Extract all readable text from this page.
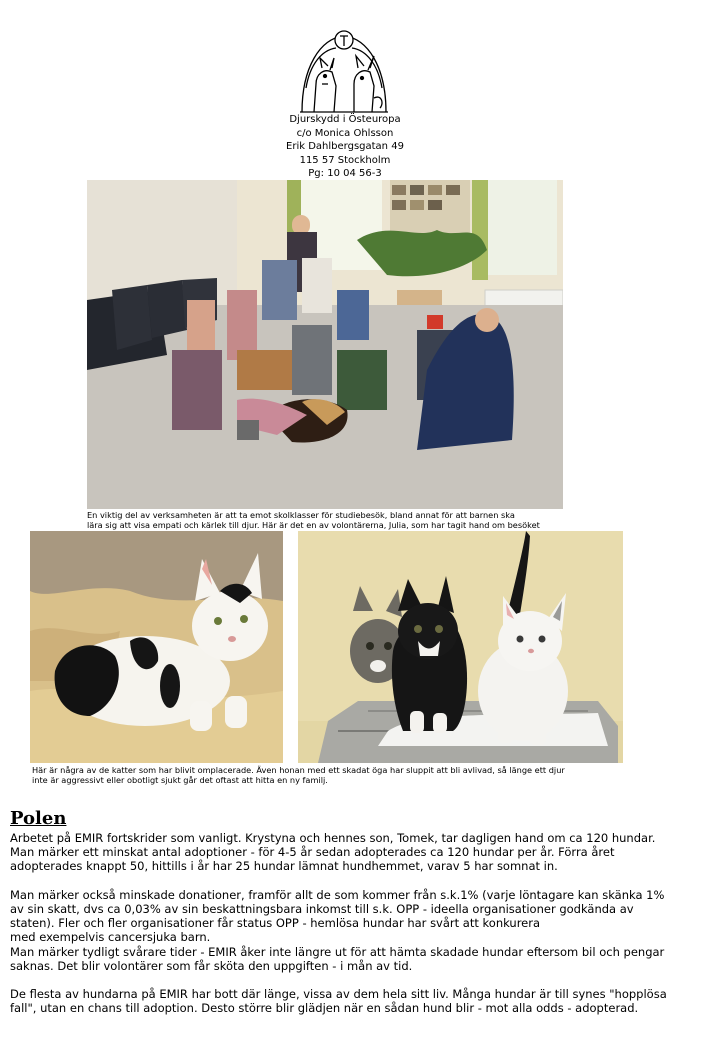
Djurskydd i Östeuropa
c/o Monica Ohlsson
Erik Dahlbergsgatan 49
115 57 Stockholm
Pg: 10 04 56-3
En viktig del av verksamheten är att ta emot skolklasser för studiebesök, bland annat för att barnen ska
lära sig att visa empati och kärlek till djur. Här är det en av volontärerna, Julia, som har tagit hand om besöket
Här är några av de katter som har blivit omplacerade. Även honan med ett skadat öga har sluppit att bli avlivad, så länge ett djur
inte är aggressivt eller obotligt sjukt går det oftast att hitta en ny familj.
Polen

Arbetet på EMIR fortskrider som vanligt. Krystyna och hennes son, Tomek, tar dagligen hand om ca 120 hundar.
Man märker ett minskat antal adoptioner - för 4-5 år sedan adopterades ca 120 hundar per år. Förra året
adopterades knappt 50, hittills i år har 25 hundar lämnat hundhemmet, varav 5 har somnat in.

Man märker också minskade donationer, framför allt de som kommer från s.k.1% (varje löntagare kan skänka 1%
av sin skatt, dvs ca 0,03% av sin beskattningsbara inkomst till s.k. OPP - ideella organisationer godkända av
staten). Fler och fler organisationer får status OPP - hemlösa hundar har svårt att konkurera
med exempelvis cancersjuka barn.
Man märker tydligt svårare tider - EMIR åker inte längre ut för att hämta skadade hundar eftersom bil och pengar
saknas. Det blir volontärer som får sköta den uppgiften - i mån av tid.

De flesta av hundarna på EMIR har bott där länge, vissa av dem hela sitt liv. Många hundar är till synes "hopplösa
fall", utan en chans till adoption. Desto större blir glädjen när en sådan hund blir - mot alla odds - adopterad.
